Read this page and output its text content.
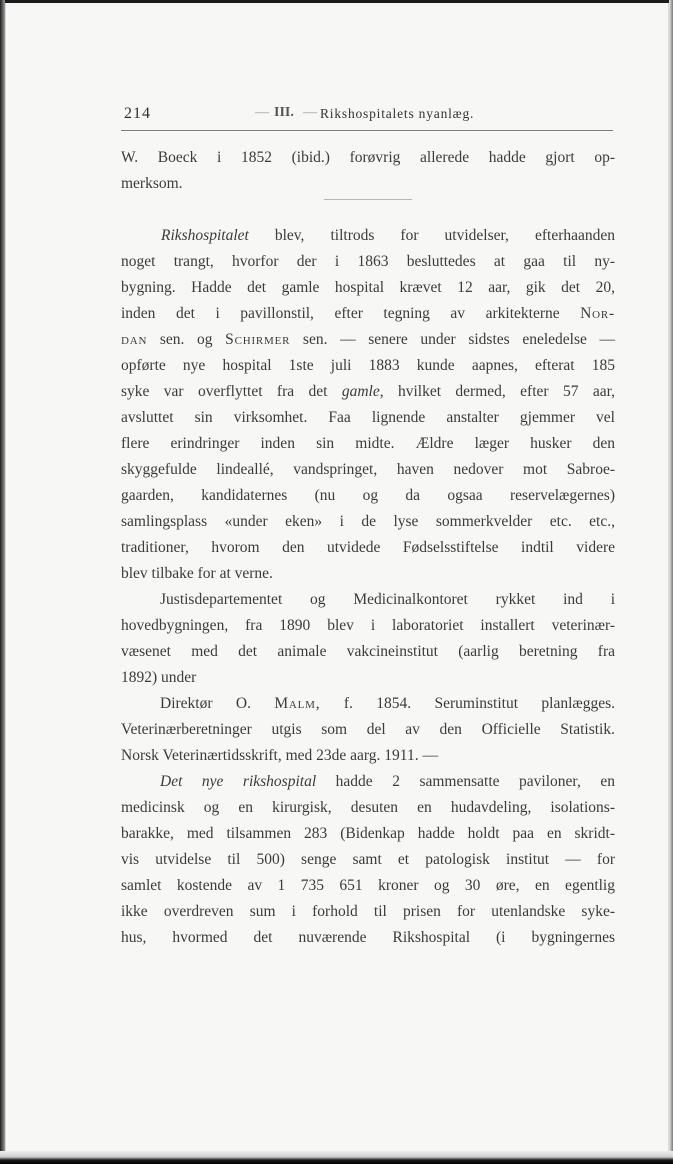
214	— III. — Rikshospitalets nyanlæg.
W. Boeck i 1852 (ibid.) forøvrig allerede hadde gjort op-
merksom.
Rikshospitalet blev, tiltrods for utvidelser, efterhaanden
noget trangt, hvorfor der i 1863 besluttedes at gaa til ny-
bygning. Hadde det gamle hospital krævet 12 aar, gik det 20,
inden det i pavillonstil, efter tegning av arkitekterne Nor-
dan sen. og Schirmer sen. — senere under sidstes eneledelse —
opførte nye hospital 1ste juli 1883 kunde aapnes, efterat 185
syke var overflyttet fra det gamle, hvilket dermed, efter 57 aar,
avsluttet sin virksomhet. Faa lignende anstalter gjemmer vel
flere erindringer inden sin midte. Ældre læger husker den
skyggefulde lindeallé, vandspringet, haven nedover mot Sabroe-
gaarden, kandidaternes (nu og da ogsaa reservelægernes)
samlingsplass «under eken» i de lyse sommerkvelder etc. etc.,
traditioner, hvorom den utvidede Fødselsstiftelse indtil videre
blev tilbake for at verne.
Justisdepartementet og Medicinalkontoret rykket ind i
hovedbygningen, fra 1890 blev i laboratoriet installert veterinær-
væsenet med det animale vakcineinstitut (aarlig beretning fra
1892) under
Direktør O. Malm, f. 1854. Seruminstitut planlægges.
Veterinærberetninger utgis som del av den Officielle Statistik.
Norsk Veterinærtidsskrift, med 23de aarg. 1911. —
Det nye rikshospital hadde 2 sammensatte paviloner, en
medicinsk og en kirurgisk, desuten en hudavdeling, isolations-
barakke, med tilsammen 283 (Bidenkap hadde holdt paa en skridt-
vis utvidelse til 500) senge samt et patologisk institut — for
samlet kostende av 1 735 651 kroner og 30 øre, en egentlig
ikke overdreven sum i forhold til prisen for utenlandske syke-
hus, hvormed det nuværende Rikshospital (i bygningernes
